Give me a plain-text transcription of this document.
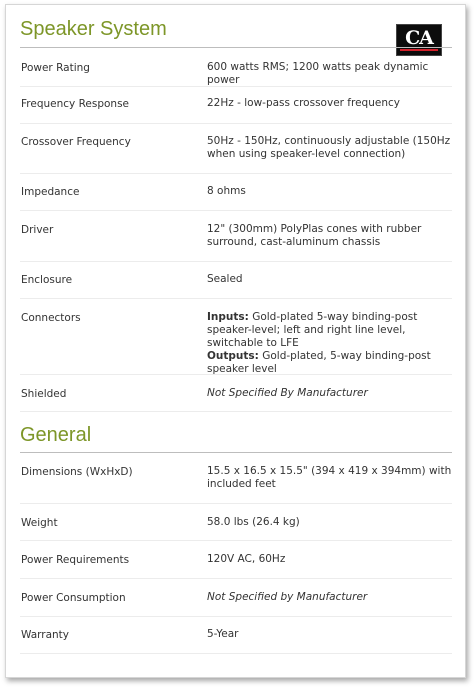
CA
Speaker System
Power Rating	600 watts RMS; 1200 watts peak dynamic power
Frequency Response	22Hz - low-pass crossover frequency
Crossover Frequency	50Hz - 150Hz, continuously adjustable (150Hz when using speaker-level connection)
Impedance	8 ohms
Driver	12" (300mm) PolyPlas cones with rubber surround, cast-aluminum chassis
Enclosure	Sealed
Connectors	Inputs: Gold-plated 5-way binding-post speaker-level; left and right line level, switchable to LFE
Outputs: Gold-plated, 5-way binding-post speaker level
Shielded	Not Specified By Manufacturer
General
Dimensions (WxHxD)	15.5 x 16.5 x 15.5" (394 x 419 x 394mm) with included feet
Weight	58.0 lbs (26.4 kg)
Power Requirements	120V AC, 60Hz
Power Consumption	Not Specified by Manufacturer
Warranty	5-Year
